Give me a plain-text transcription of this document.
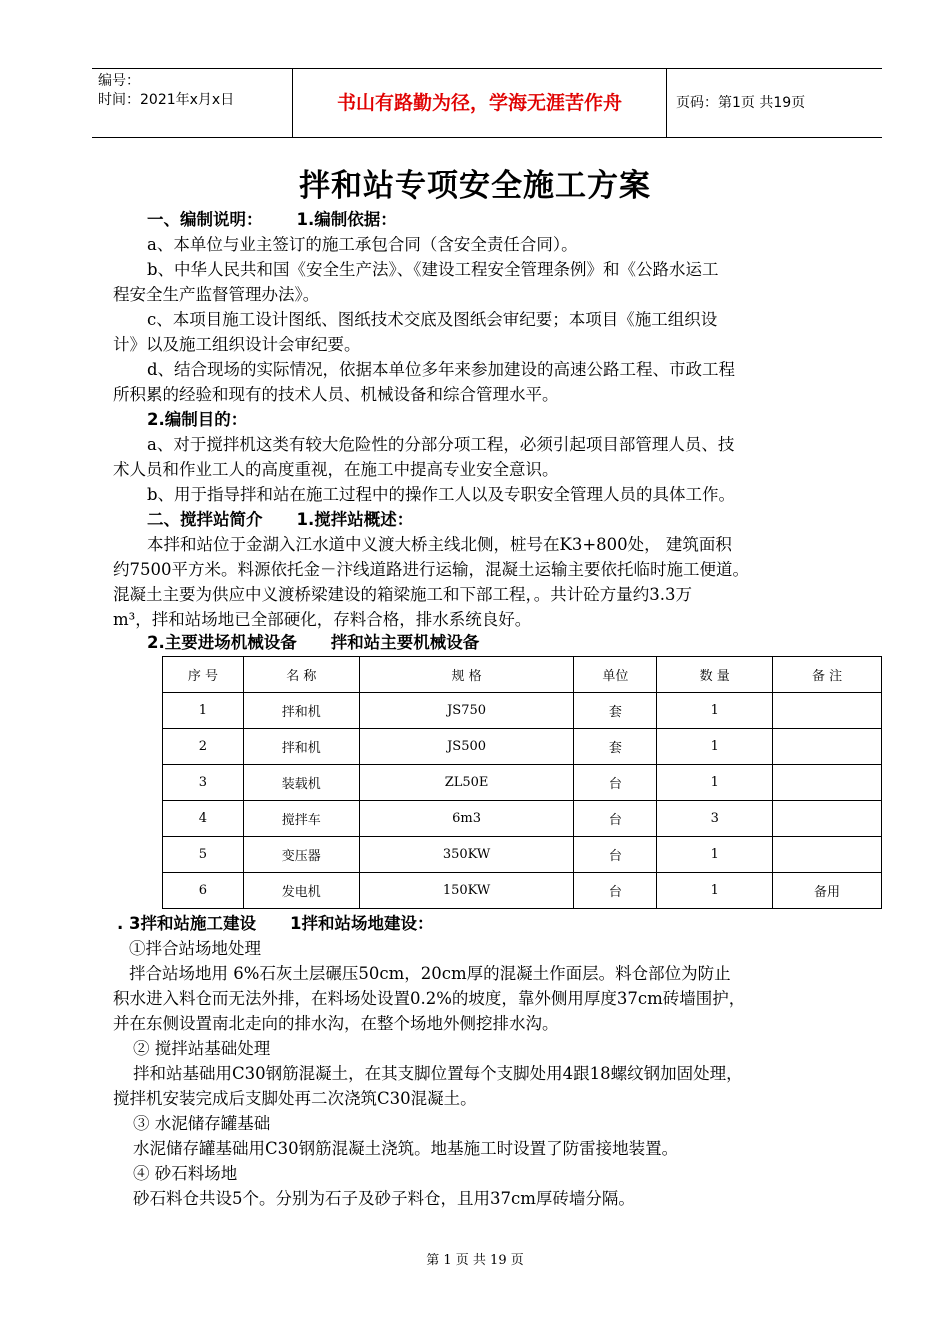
编号：
时间：2021年x月x日	书山有路勤为径，学海无涯苦作舟	页码：第1页 共19页
拌和站专项安全施工方案
一、编制说明： 1.编制依据：
a、本单位与业主签订的施工承包合同（含安全责任合同）。
b、中华人民共和国《安全生产法》、《建设工程安全管理条例》和《公路水运工
程安全生产监督管理办法》。
c、本项目施工设计图纸、图纸技术交底及图纸会审纪要；本项目《施工组织设
计》以及施工组织设计会审纪要。
d、结合现场的实际情况，依据本单位多年来参加建设的高速公路工程、市政工程
所积累的经验和现有的技术人员、机械设备和综合管理水平。
2.编制目的：
a、对于搅拌机这类有较大危险性的分部分项工程，必须引起项目部管理人员、技
术人员和作业工人的高度重视，在施工中提高专业安全意识。
b、用于指导拌和站在施工过程中的操作工人以及专职安全管理人员的具体工作。
二、搅拌站简介 1.搅拌站概述：
本拌和站位于金湖入江水道中义渡大桥主线北侧，桩号在K3+800处， 建筑面积
约7500平方米。料源依托金－汴线道路进行运输，混凝土运输主要依托临时施工便道。
混凝土主要为供应中义渡桥梁建设的箱梁施工和下部工程，。共计砼方量约3.3万
m³，拌和站场地已全部硬化，存料合格，排水系统良好。
2.主要进场机械设备 拌和站主要机械设备
序 号	名 称	规 格	单位	数 量	备 注
1	拌和机	JS750	套	1	
2	拌和机	JS500	套	1	
3	装载机	ZL50E	台	1	
4	搅拌车	6m3	台	3	
5	变压器	350KW	台	1	
6	发电机	150KW	台	1	备用
. 3拌和站施工建设 1拌和站场地建设：
①拌合站场地处理
拌合站场地用 6%石灰土层碾压50cm，20cm厚的混凝土作面层。料仓部位为防止
积水进入料仓而无法外排，在料场处设置0.2%的坡度，靠外侧用厚度37cm砖墙围护，
并在东侧设置南北走向的排水沟，在整个场地外侧挖排水沟。
② 搅拌站基础处理
拌和站基础用C30钢筋混凝土，在其支脚位置每个支脚处用4跟18螺纹钢加固处理，
搅拌机安装完成后支脚处再二次浇筑C30混凝土。
③ 水泥储存罐基础
水泥储存罐基础用C30钢筋混凝土浇筑。地基施工时设置了防雷接地装置。
④ 砂石料场地
砂石料仓共设5个。分别为石子及砂子料仓，且用37cm厚砖墙分隔。
第 1 页 共 19 页
